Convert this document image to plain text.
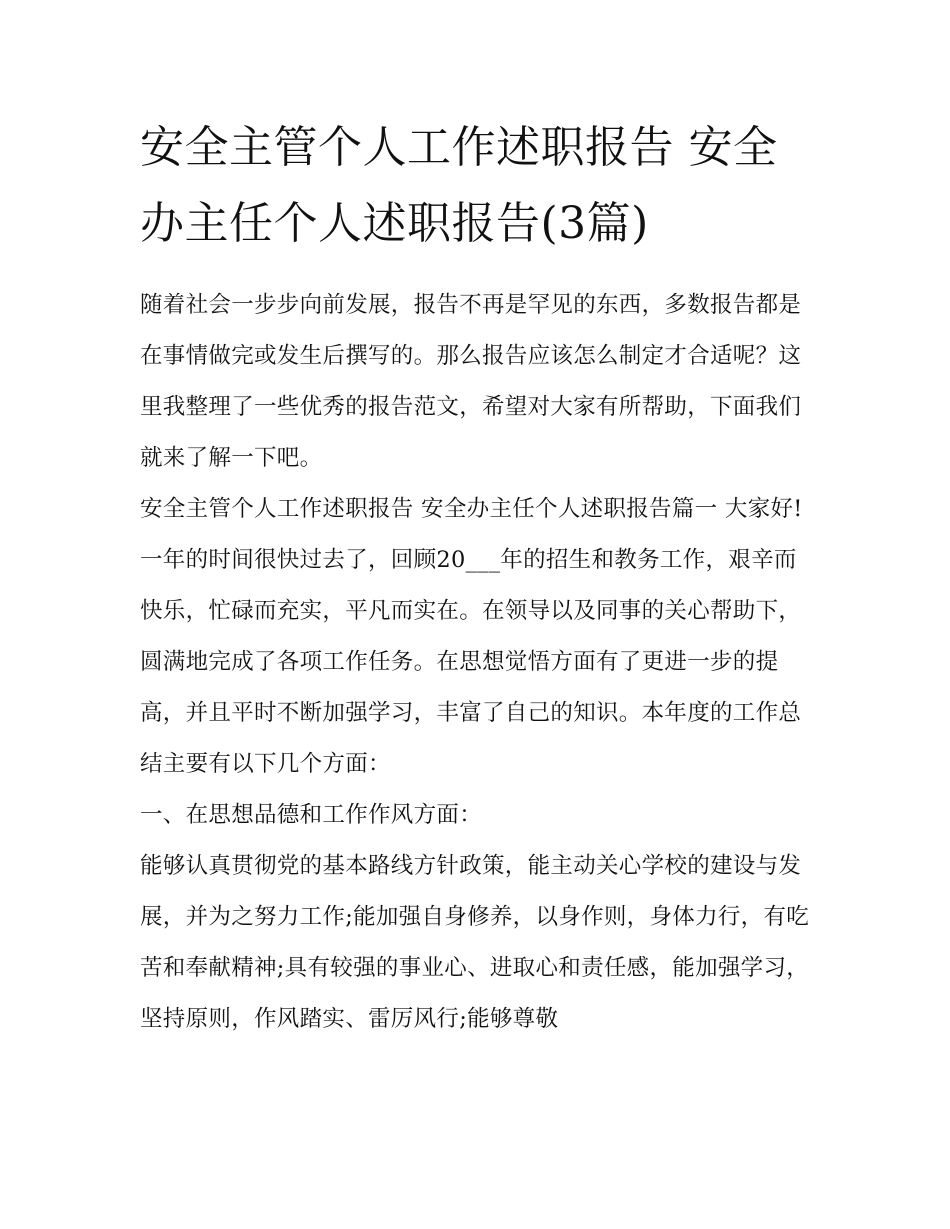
安全主管个人工作述职报告 安全办主任个人述职报告(3篇)

随着社会一步步向前发展，报告不再是罕见的东西，多数报告都是在事情做完或发生后撰写的。那么报告应该怎么制定才合适呢？这里我整理了一些优秀的报告范文，希望对大家有所帮助，下面我们就来了解一下吧。

安全主管个人工作述职报告 安全办主任个人述职报告篇一 大家好!

一年的时间很快过去了，回顾20___年的招生和教务工作，艰辛而快乐，忙碌而充实，平凡而实在。在领导以及同事的关心帮助下，圆满地完成了各项工作任务。在思想觉悟方面有了更进一步的提高，并且平时不断加强学习，丰富了自己的知识。本年度的工作总结主要有以下几个方面：

一、在思想品德和工作作风方面：

能够认真贯彻党的基本路线方针政策，能主动关心学校的建设与发展，并为之努力工作;能加强自身修养，以身作则，身体力行，有吃苦和奉献精神;具有较强的事业心、进取心和责任感，能加强学习，坚持原则，作风踏实、雷厉风行;能够尊敬
